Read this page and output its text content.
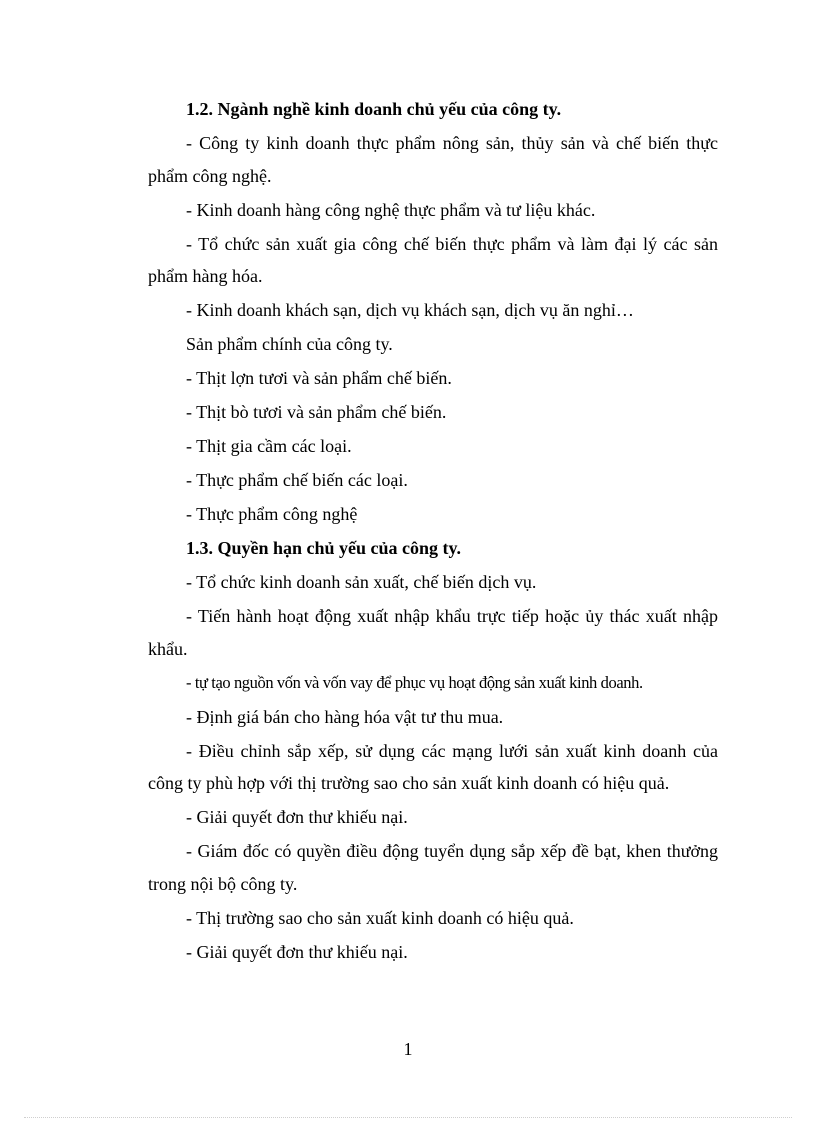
1.2. Ngành nghề kinh doanh chủ yếu của công ty.

- Công ty kinh doanh thực phẩm nông sản, thủy sản và chế biến thực phẩm công nghệ.

- Kinh doanh hàng công nghệ thực phẩm và tư liệu khác.

- Tổ chức sản xuất gia công chế biến thực phẩm và làm đại lý các sản phẩm hàng hóa.

- Kinh doanh khách sạn, dịch vụ khách sạn, dịch vụ ăn nghỉ…

Sản phẩm chính của công ty.

- Thịt lợn tươi và sản phẩm chế biến.

- Thịt bò tươi và sản phẩm chế biến.

- Thịt gia cầm các loại.

- Thực phẩm chế biến các loại.

- Thực phẩm công nghệ

1.3. Quyền hạn chủ yếu của công ty.

- Tổ chức kinh doanh sản xuất, chế biến dịch vụ.

- Tiến hành hoạt động xuất nhập khẩu trực tiếp hoặc ủy thác xuất nhập khẩu.

- tự tạo nguồn vốn và vốn vay để phục vụ hoạt động sản xuất kinh doanh.

- Định giá bán cho hàng hóa vật tư thu mua.

- Điều chỉnh sắp xếp, sử dụng các mạng lưới sản xuất kinh doanh của công ty phù hợp với thị trường sao cho sản xuất kinh doanh có hiệu quả.

- Giải quyết đơn thư khiếu nại.

- Giám đốc có quyền điều động tuyển dụng sắp xếp đề bạt, khen thưởng trong nội bộ công ty.

- Thị trường sao cho sản xuất kinh doanh có hiệu quả.

- Giải quyết đơn thư khiếu nại.

1
